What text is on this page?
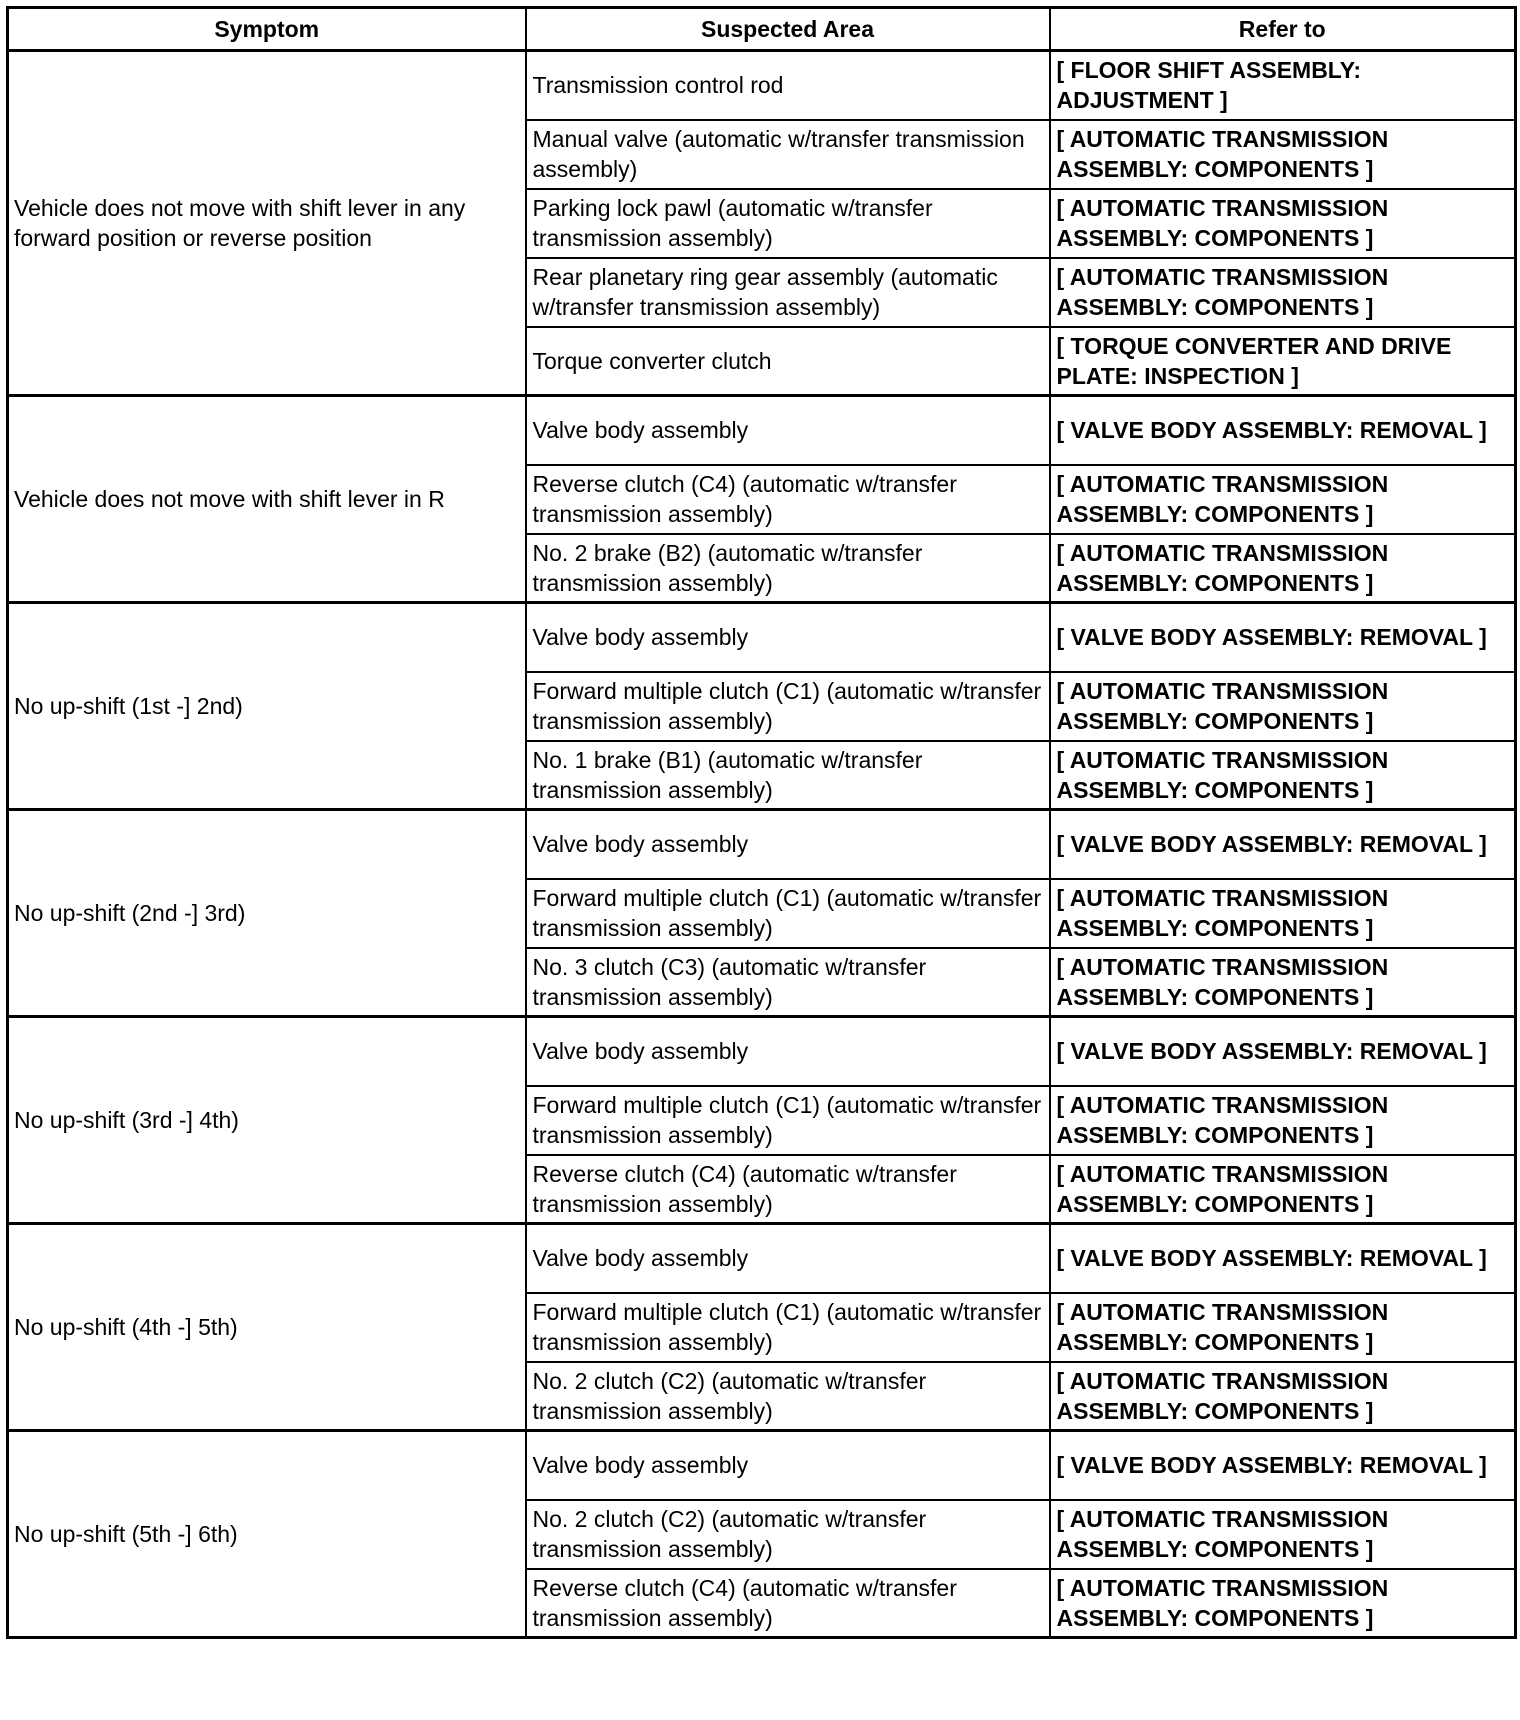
Symptom	Suspected Area	Refer to
Vehicle does not move with shift lever in any forward position or reverse position	Transmission control rod	[ FLOOR SHIFT ASSEMBLY: ADJUSTMENT ]
	Manual valve (automatic w/transfer transmission assembly)	[ AUTOMATIC TRANSMISSION ASSEMBLY: COMPONENTS ]
	Parking lock pawl (automatic w/transfer transmission assembly)	[ AUTOMATIC TRANSMISSION ASSEMBLY: COMPONENTS ]
	Rear planetary ring gear assembly (automatic w/transfer transmission assembly)	[ AUTOMATIC TRANSMISSION ASSEMBLY: COMPONENTS ]
	Torque converter clutch	[ TORQUE CONVERTER AND DRIVE PLATE: INSPECTION ]
Vehicle does not move with shift lever in R	Valve body assembly	[ VALVE BODY ASSEMBLY: REMOVAL ]
	Reverse clutch (C4) (automatic w/transfer transmission assembly)	[ AUTOMATIC TRANSMISSION ASSEMBLY: COMPONENTS ]
	No. 2 brake (B2) (automatic w/transfer transmission assembly)	[ AUTOMATIC TRANSMISSION ASSEMBLY: COMPONENTS ]
No up-shift (1st -] 2nd)	Valve body assembly	[ VALVE BODY ASSEMBLY: REMOVAL ]
	Forward multiple clutch (C1) (automatic w/transfer transmission assembly)	[ AUTOMATIC TRANSMISSION ASSEMBLY: COMPONENTS ]
	No. 1 brake (B1) (automatic w/transfer transmission assembly)	[ AUTOMATIC TRANSMISSION ASSEMBLY: COMPONENTS ]
No up-shift (2nd -] 3rd)	Valve body assembly	[ VALVE BODY ASSEMBLY: REMOVAL ]
	Forward multiple clutch (C1) (automatic w/transfer transmission assembly)	[ AUTOMATIC TRANSMISSION ASSEMBLY: COMPONENTS ]
	No. 3 clutch (C3) (automatic w/transfer transmission assembly)	[ AUTOMATIC TRANSMISSION ASSEMBLY: COMPONENTS ]
No up-shift (3rd -] 4th)	Valve body assembly	[ VALVE BODY ASSEMBLY: REMOVAL ]
	Forward multiple clutch (C1) (automatic w/transfer transmission assembly)	[ AUTOMATIC TRANSMISSION ASSEMBLY: COMPONENTS ]
	Reverse clutch (C4) (automatic w/transfer transmission assembly)	[ AUTOMATIC TRANSMISSION ASSEMBLY: COMPONENTS ]
No up-shift (4th -] 5th)	Valve body assembly	[ VALVE BODY ASSEMBLY: REMOVAL ]
	Forward multiple clutch (C1) (automatic w/transfer transmission assembly)	[ AUTOMATIC TRANSMISSION ASSEMBLY: COMPONENTS ]
	No. 2 clutch (C2) (automatic w/transfer transmission assembly)	[ AUTOMATIC TRANSMISSION ASSEMBLY: COMPONENTS ]
No up-shift (5th -] 6th)	Valve body assembly	[ VALVE BODY ASSEMBLY: REMOVAL ]
	No. 2 clutch (C2) (automatic w/transfer transmission assembly)	[ AUTOMATIC TRANSMISSION ASSEMBLY: COMPONENTS ]
	Reverse clutch (C4) (automatic w/transfer transmission assembly)	[ AUTOMATIC TRANSMISSION ASSEMBLY: COMPONENTS ]
